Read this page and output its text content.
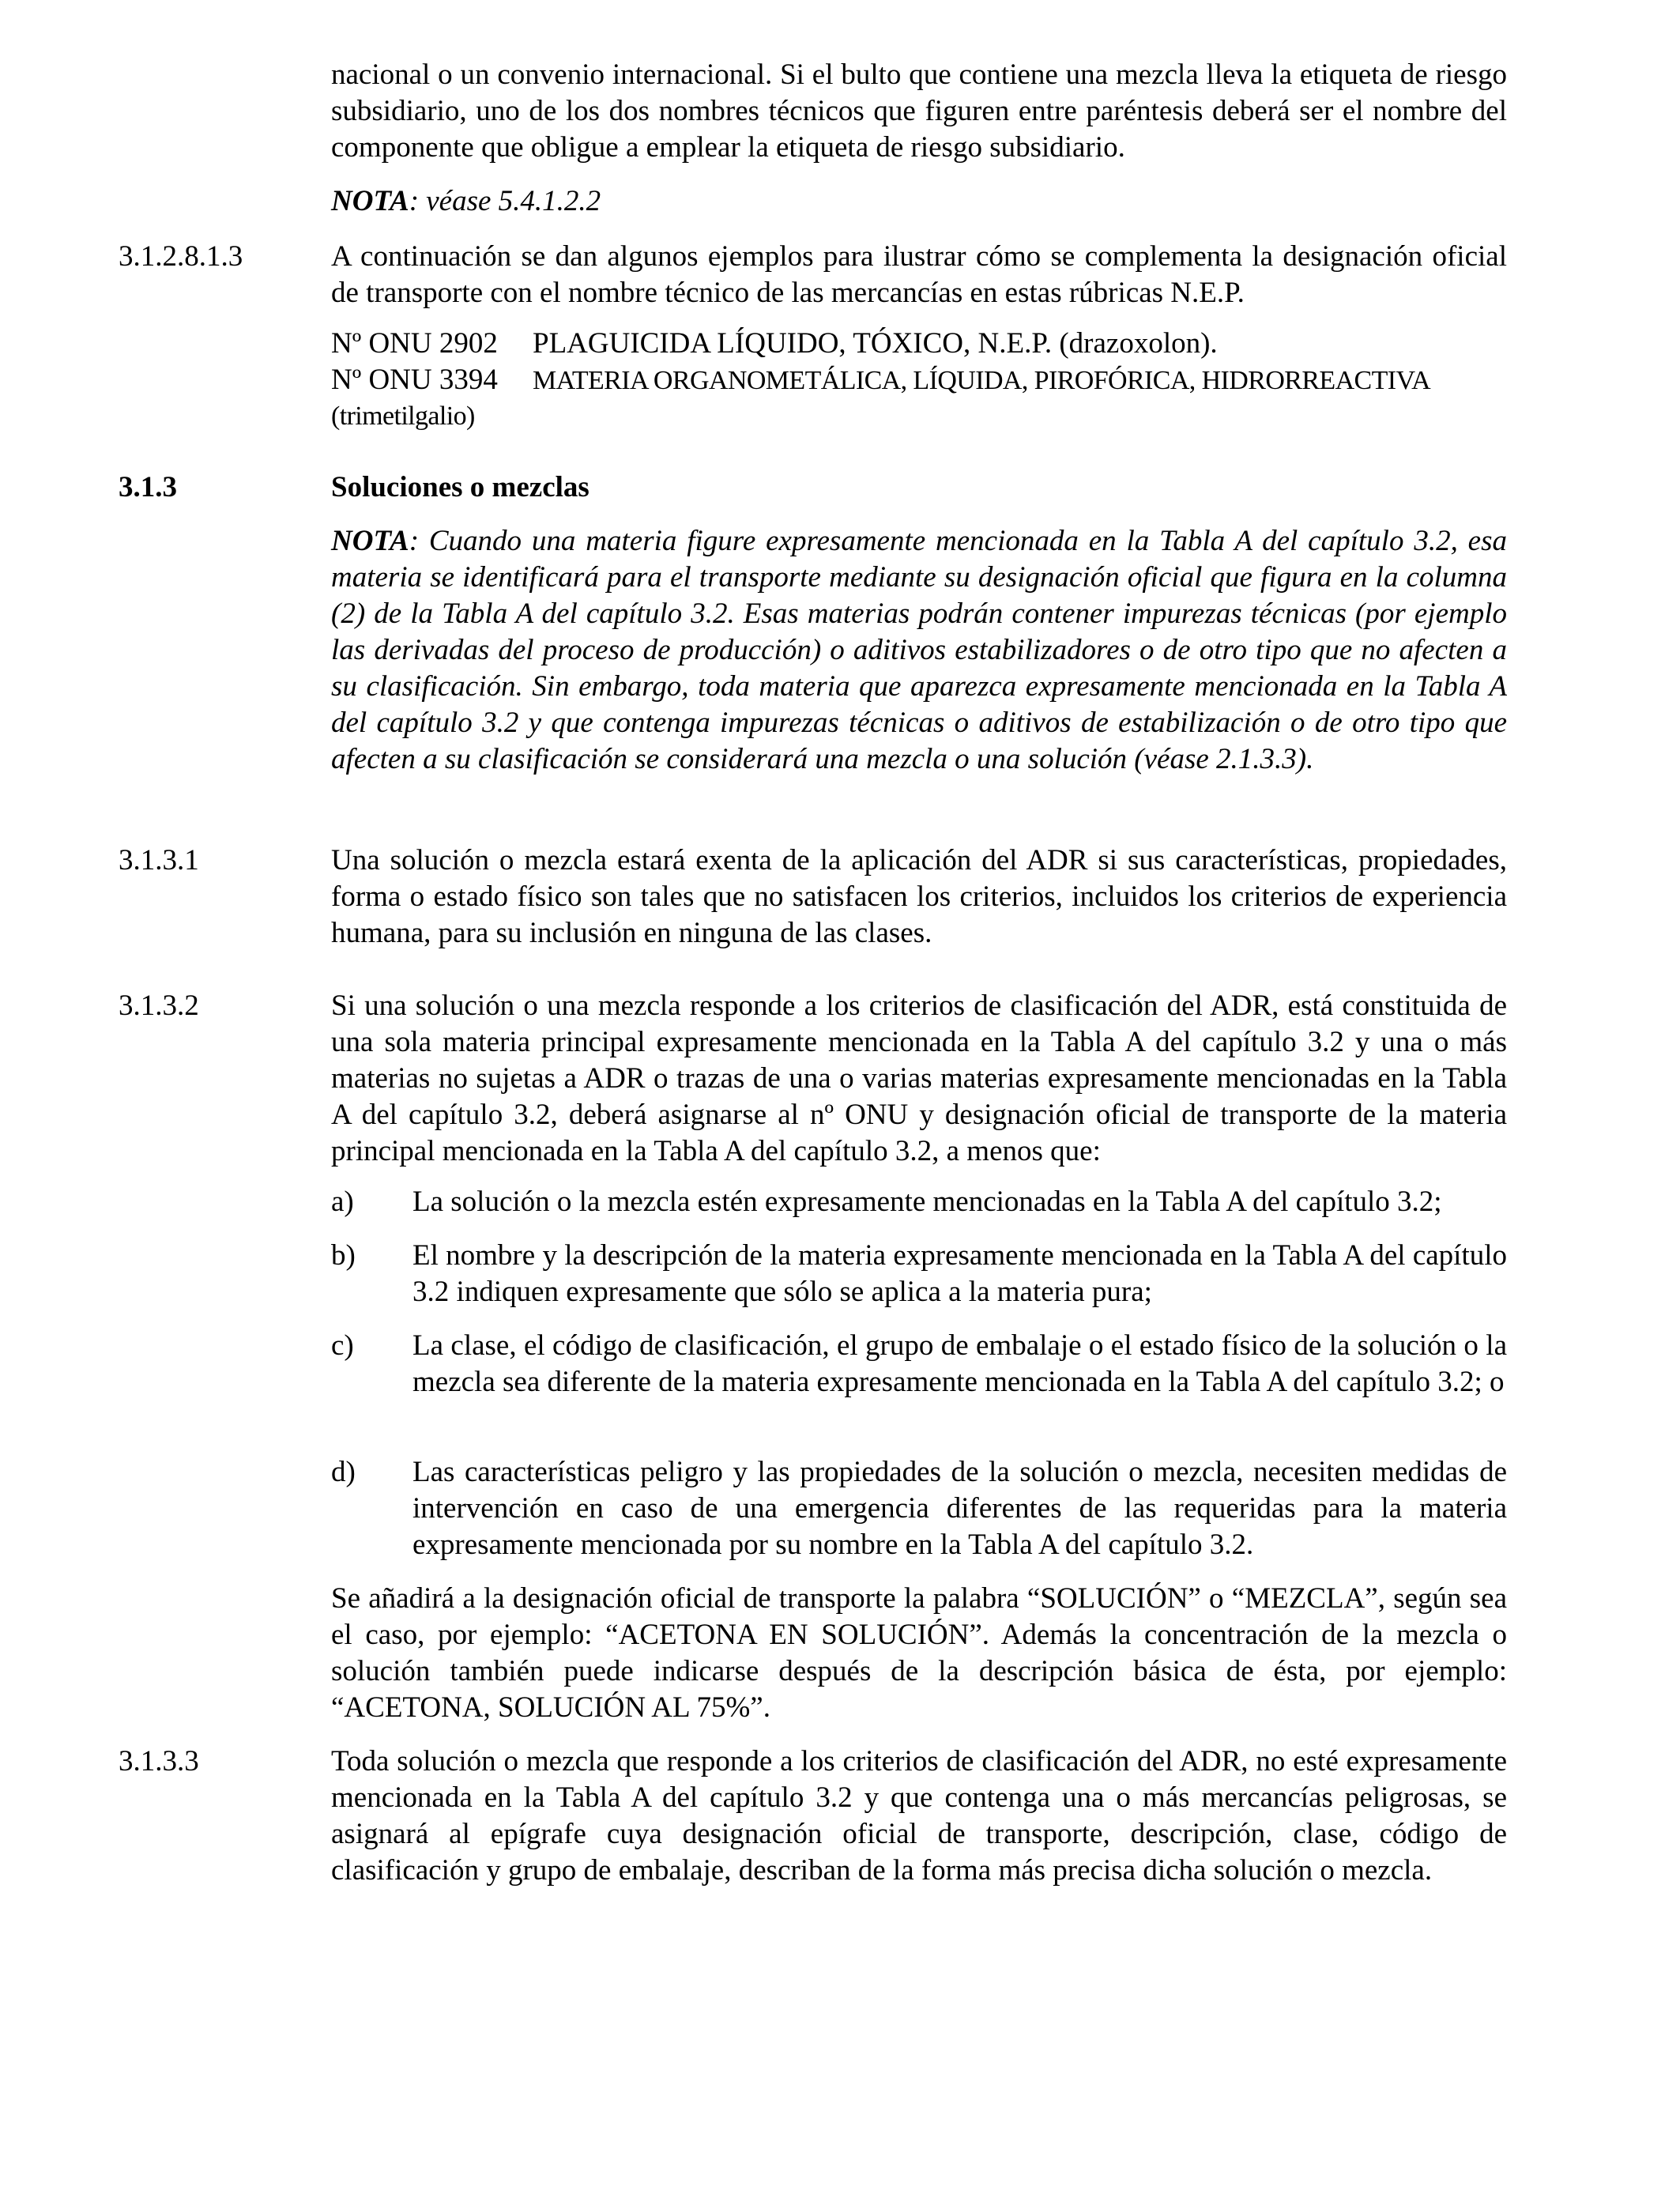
nacional o un convenio internacional. Si el bulto que contiene una mezcla lleva la etiqueta de riesgo subsidiario, uno de los dos nombres técnicos que figuren entre paréntesis deberá ser el nombre del componente que obligue a emplear la etiqueta de riesgo subsidiario.

NOTA: véase 5.4.1.2.2

3.1.2.8.1.3	A continuación se dan algunos ejemplos para ilustrar cómo se complementa la designación oficial de transporte con el nombre técnico de las mercancías en estas rúbricas N.E.P.

Nº ONU 2902 PLAGUICIDA LÍQUIDO, TÓXICO, N.E.P. (drazoxolon).

Nº ONU 3394 MATERIA ORGANOMETÁLICA, LÍQUIDA, PIROFÓRICA, HIDRORREACTIVA

(trimetilgalio)

3.1.3	Soluciones o mezclas

NOTA: Cuando una materia figure expresamente mencionada en la Tabla A del capítulo 3.2, esa materia se identificará para el transporte mediante su designación oficial que figura en la columna (2) de la Tabla A del capítulo 3.2. Esas materias podrán contener impurezas técnicas (por ejemplo las derivadas del proceso de producción) o aditivos estabilizadores o de otro tipo que no afecten a su clasificación. Sin embargo, toda materia que aparezca expresamente mencionada en la Tabla A del capítulo 3.2 y que contenga impurezas técnicas o aditivos de estabilización o de otro tipo que afecten a su clasificación se considerará una mezcla o una solución (véase 2.1.3.3).

3.1.3.1	Una solución o mezcla estará exenta de la aplicación del ADR si sus características, propiedades, forma o estado físico son tales que no satisfacen los criterios, incluidos los criterios de experiencia humana, para su inclusión en ninguna de las clases.

3.1.3.2	Si una solución o una mezcla responde a los criterios de clasificación del ADR, está constituida de una sola materia principal expresamente mencionada en la Tabla A del capítulo 3.2 y una o más materias no sujetas a ADR o trazas de una o varias materias expresamente mencionadas en la Tabla A del capítulo 3.2, deberá asignarse al nº ONU y designación oficial de transporte de la materia principal mencionada en la Tabla A del capítulo 3.2, a menos que:

a) La solución o la mezcla estén expresamente mencionadas en la Tabla A del capítulo 3.2;

b) El nombre y la descripción de la materia expresamente mencionada en la Tabla A del capítulo 3.2 indiquen expresamente que sólo se aplica a la materia pura;

c) La clase, el código de clasificación, el grupo de embalaje o el estado físico de la solución o la mezcla sea diferente de la materia expresamente mencionada en la Tabla A del capítulo 3.2; o

d) Las características peligro y las propiedades de la solución o mezcla, necesiten medidas de intervención en caso de una emergencia diferentes de las requeridas para la materia expresamente mencionada por su nombre en la Tabla A del capítulo 3.2.

Se añadirá a la designación oficial de transporte la palabra “SOLUCIÓN” o “MEZCLA”, según sea el caso, por ejemplo: “ACETONA EN SOLUCIÓN”. Además la concentración de la mezcla o solución también puede indicarse después de la descripción básica de ésta, por ejemplo: “ACETONA, SOLUCIÓN AL 75%”.

3.1.3.3	Toda solución o mezcla que responde a los criterios de clasificación del ADR, no esté expresamente mencionada en la Tabla A del capítulo 3.2 y que contenga una o más mercancías peligrosas, se asignará al epígrafe cuya designación oficial de transporte, descripción, clase, código de clasificación y grupo de embalaje, describan de la forma más precisa dicha solución o mezcla.
